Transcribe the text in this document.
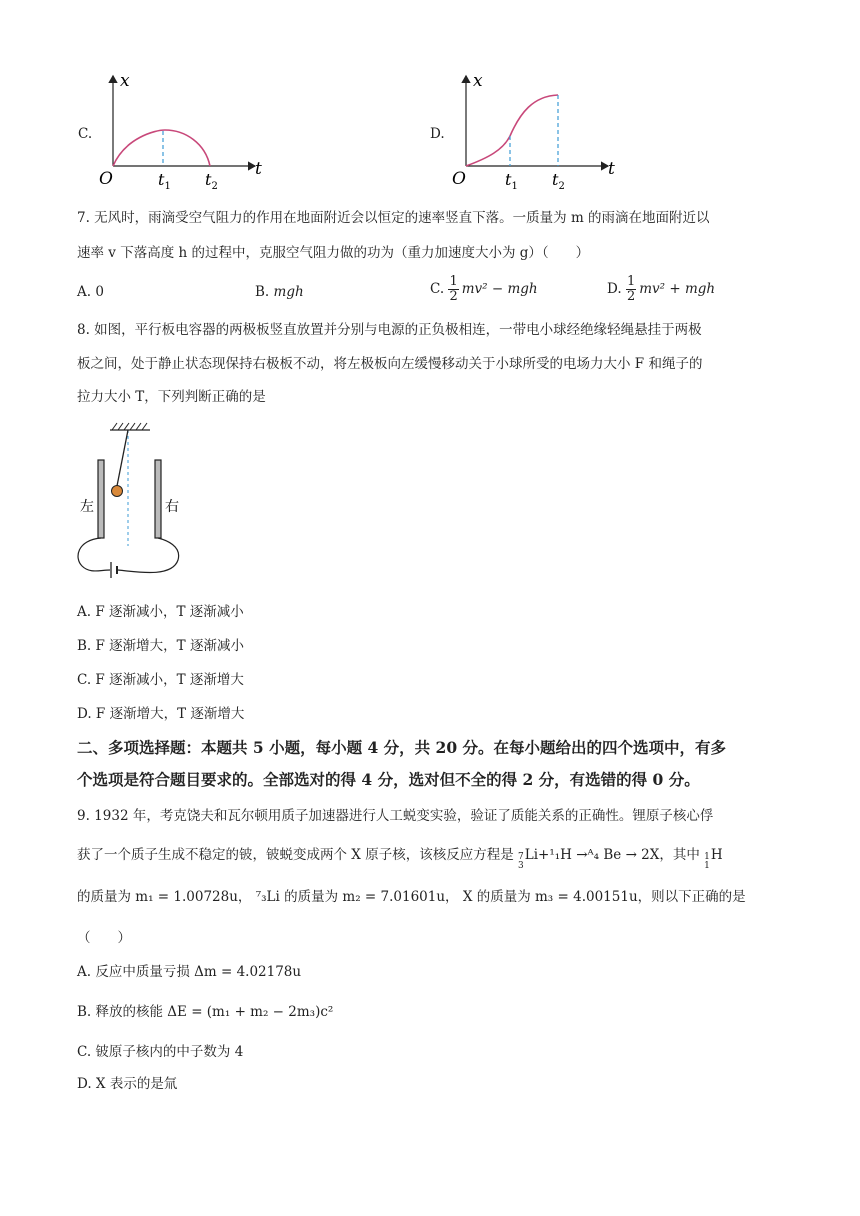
C.
x
t
O	$t_1$ $t_2$
D.
x
t
O $t_1$ $t_2$
7. 无风时，雨滴受空气阻力的作用在地面附近会以恒定的速率竖直下落。一质量为 m 的雨滴在地面附近以
速率 v 下落高度 h 的过程中，克服空气阻力做的功为（重力加速度大小为 g）（　　）
A. 0	B. mgh	C. $\frac{1}{2} mv^2$ − mgh	D. $\frac{1}{2} mv^2$ + mgh
8. 如图，平行板电容器的两极板竖直放置并分别与电源的正负极相连，一带电小球经绝缘轻绳悬挂于两极
板之间，处于静止状态现保持右极板不动，将左极板向左缓慢移动关于小球所受的电场力大小 F 和绳子的
拉力大小 T，下列判断正确的是
左	右
A. F 逐渐减小，T 逐渐减小
B. F 逐渐增大，T 逐渐减小
C. F 逐渐减小，T 逐渐增大
D. F 逐渐增大，T 逐渐增大
二、多项选择题：本题共 5 小题，每小题 4 分，共 20 分。在每小题给出的四个选项中，有多
个选项是符合题目要求的。全部选对的得 4 分，选对但不全的得 2 分，有选错的得 0 分。
9. 1932 年，考克饶夫和瓦尔顿用质子加速器进行人工蜕变实验，验证了质能关系的正确性。锂原子核心俘
获了一个质子生成不稳定的铍，铍蜕变成两个 X 原子核，该核反应方程是 7
3
Li+¹₁H →ᴬ₄ Be → 2X，其中 1
1
H
的质量为 m₁ = 1.00728u， ⁷₃Li 的质量为 m₂ = 7.01601u， X 的质量为 m₃ = 4.00151u，则以下正确的是
（　　）
A. 反应中质量亏损 Δm = 4.02178u
B. 释放的核能 ΔE = (m₁ + m₂ − 2m₃)c²
C. 铍原子核内的中子数为 4
D. X 表示的是氚
